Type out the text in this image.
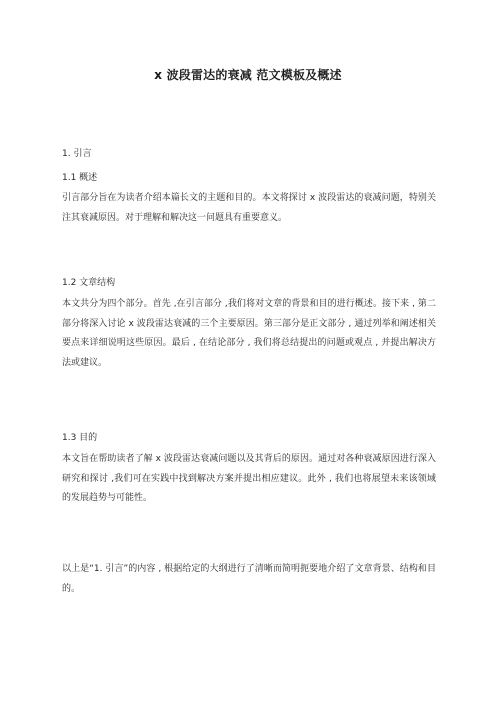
x 波段雷达的衰减 范文模板及概述
1. 引言
1.1 概述

引言部分旨在为读者介绍本篇长文的主题和目的。本文将探讨 x 波段雷达的衰减问题，特别关注其衰减原因。对于理解和解决这一问题具有重要意义。

1.2 文章结构

本文共分为四个部分。首先 ,在引言部分 ,我们将对文章的背景和目的进行概述。接下来 , 第二部分将深入讨论 x 波段雷达衰减的三个主要原因。第三部分是正文部分 , 通过列举和阐述相关要点来详细说明这些原因。最后 , 在结论部分 , 我们将总结提出的问题或观点 , 并提出解决方法或建议。

1.3 目的

本文旨在帮助读者了解 x 波段雷达衰减问题以及其背后的原因。通过对各种衰减原因进行深入研究和探讨 ,我们可在实践中找到解决方案并提出相应建议。此外 , 我们也将展望未来该领域的发展趋势与可能性。

以上是“1. 引言”的内容 , 根据给定的大纲进行了清晰而简明扼要地介绍了文章背景、结构和目的。
